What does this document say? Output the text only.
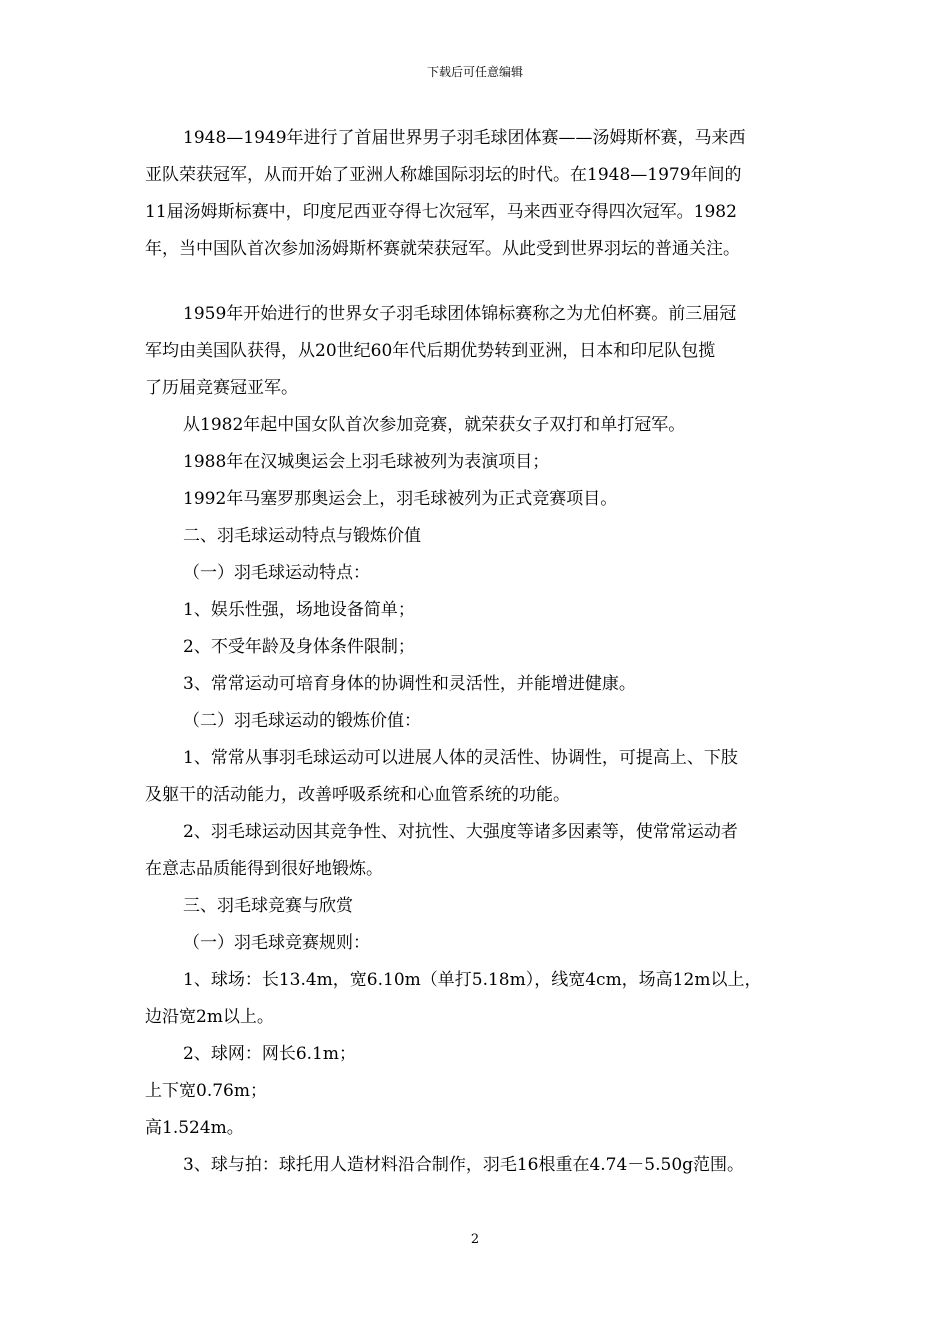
下载后可任意编辑
1948—1949年进行了首届世界男子羽毛球团体赛——汤姆斯杯赛，马来西
亚队荣获冠军，从而开始了亚洲人称雄国际羽坛的时代。在1948—1979年间的
11届汤姆斯标赛中，印度尼西亚夺得七次冠军，马来西亚夺得四次冠军。1982
年，当中国队首次参加汤姆斯杯赛就荣获冠军。从此受到世界羽坛的普通关注。
1959年开始进行的世界女子羽毛球团体锦标赛称之为尤伯杯赛。前三届冠
军均由美国队获得，从20世纪60年代后期优势转到亚洲，日本和印尼队包揽
了历届竞赛冠亚军。
从1982年起中国女队首次参加竞赛，就荣获女子双打和单打冠军。
1988年在汉城奥运会上羽毛球被列为表演项目；
1992年马塞罗那奥运会上，羽毛球被列为正式竞赛项目。
二、羽毛球运动特点与锻炼价值
（一）羽毛球运动特点：
1、娱乐性强，场地设备简单；
2、不受年龄及身体条件限制；
3、常常运动可培育身体的协调性和灵活性，并能增进健康。
（二）羽毛球运动的锻炼价值：
1、常常从事羽毛球运动可以进展人体的灵活性、协调性，可提高上、下肢
及躯干的活动能力，改善呼吸系统和心血管系统的功能。
2、羽毛球运动因其竞争性、对抗性、大强度等诸多因素等，使常常运动者
在意志品质能得到很好地锻炼。
三、羽毛球竞赛与欣赏
（一）羽毛球竞赛规则：
1、球场：长13.4m，宽6.10m（单打5.18m），线宽4cm，场高12m以上，
边沿宽2m以上。
2、球网：网长6.1m；
上下宽0.76m；
高1.524m。
3、球与拍：球托用人造材料沿合制作，羽毛16根重在4.74－5.50g范围。
2
